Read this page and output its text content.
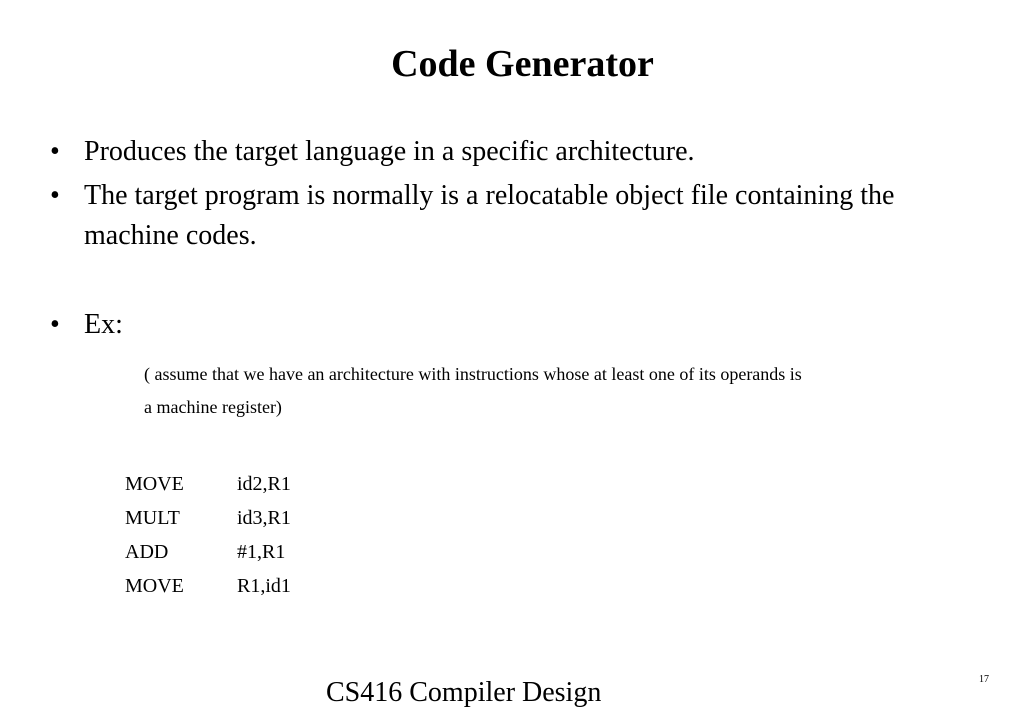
Code Generator
• Produces the target language in a specific architecture.
• The target program is normally is a relocatable object file containing the machine codes.
• Ex:
( assume that we have an architecture with instructions whose at least one of its operands is
a machine register)
MOVE	id2,R1
MULT	id3,R1
ADD	#1,R1
MOVE	R1,id1
CS416 Compiler Design	17
